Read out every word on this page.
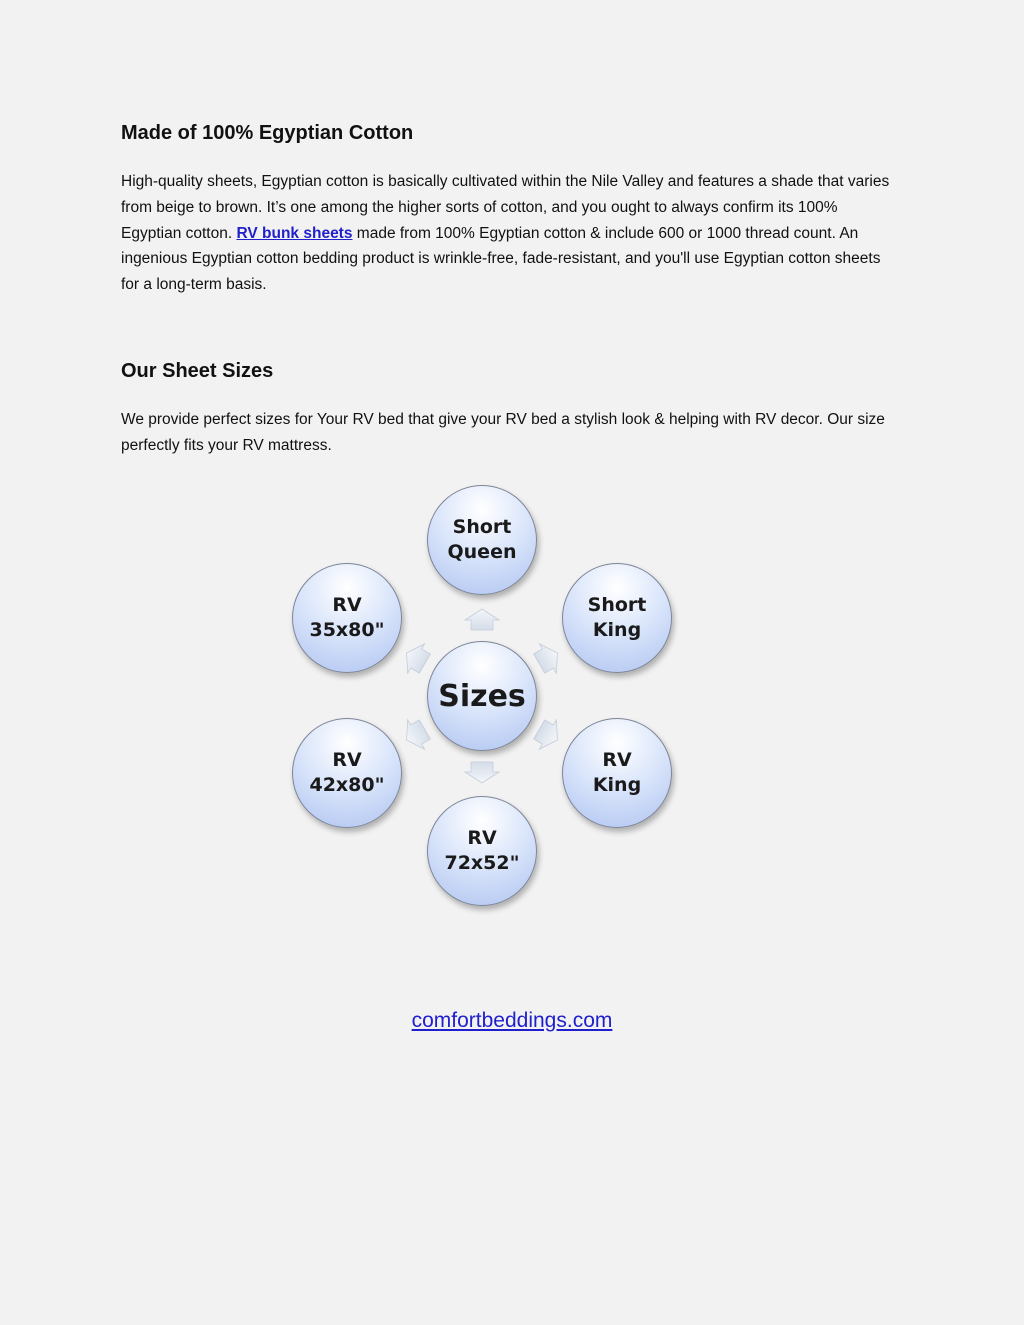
Made of 100% Egyptian Cotton

High-quality sheets, Egyptian cotton is basically cultivated within the Nile Valley and features a shade that varies from beige to brown. It’s one among the higher sorts of cotton, and you ought to always confirm its 100% Egyptian cotton. RV bunk sheets made from 100% Egyptian cotton & include 600 or 1000 thread count. An ingenious Egyptian cotton bedding product is wrinkle-free, fade-resistant, and you'll use Egyptian cotton sheets for a long-term basis.

Our Sheet Sizes

We provide perfect sizes for Your RV bed that give your RV bed a stylish look & helping with RV decor. Our size perfectly fits your RV mattress.

Sizes
Short
Queen
Short
King
RV
King
RV
72x52"
RV
42x80"
RV
35x80"
comfortbeddings.com
